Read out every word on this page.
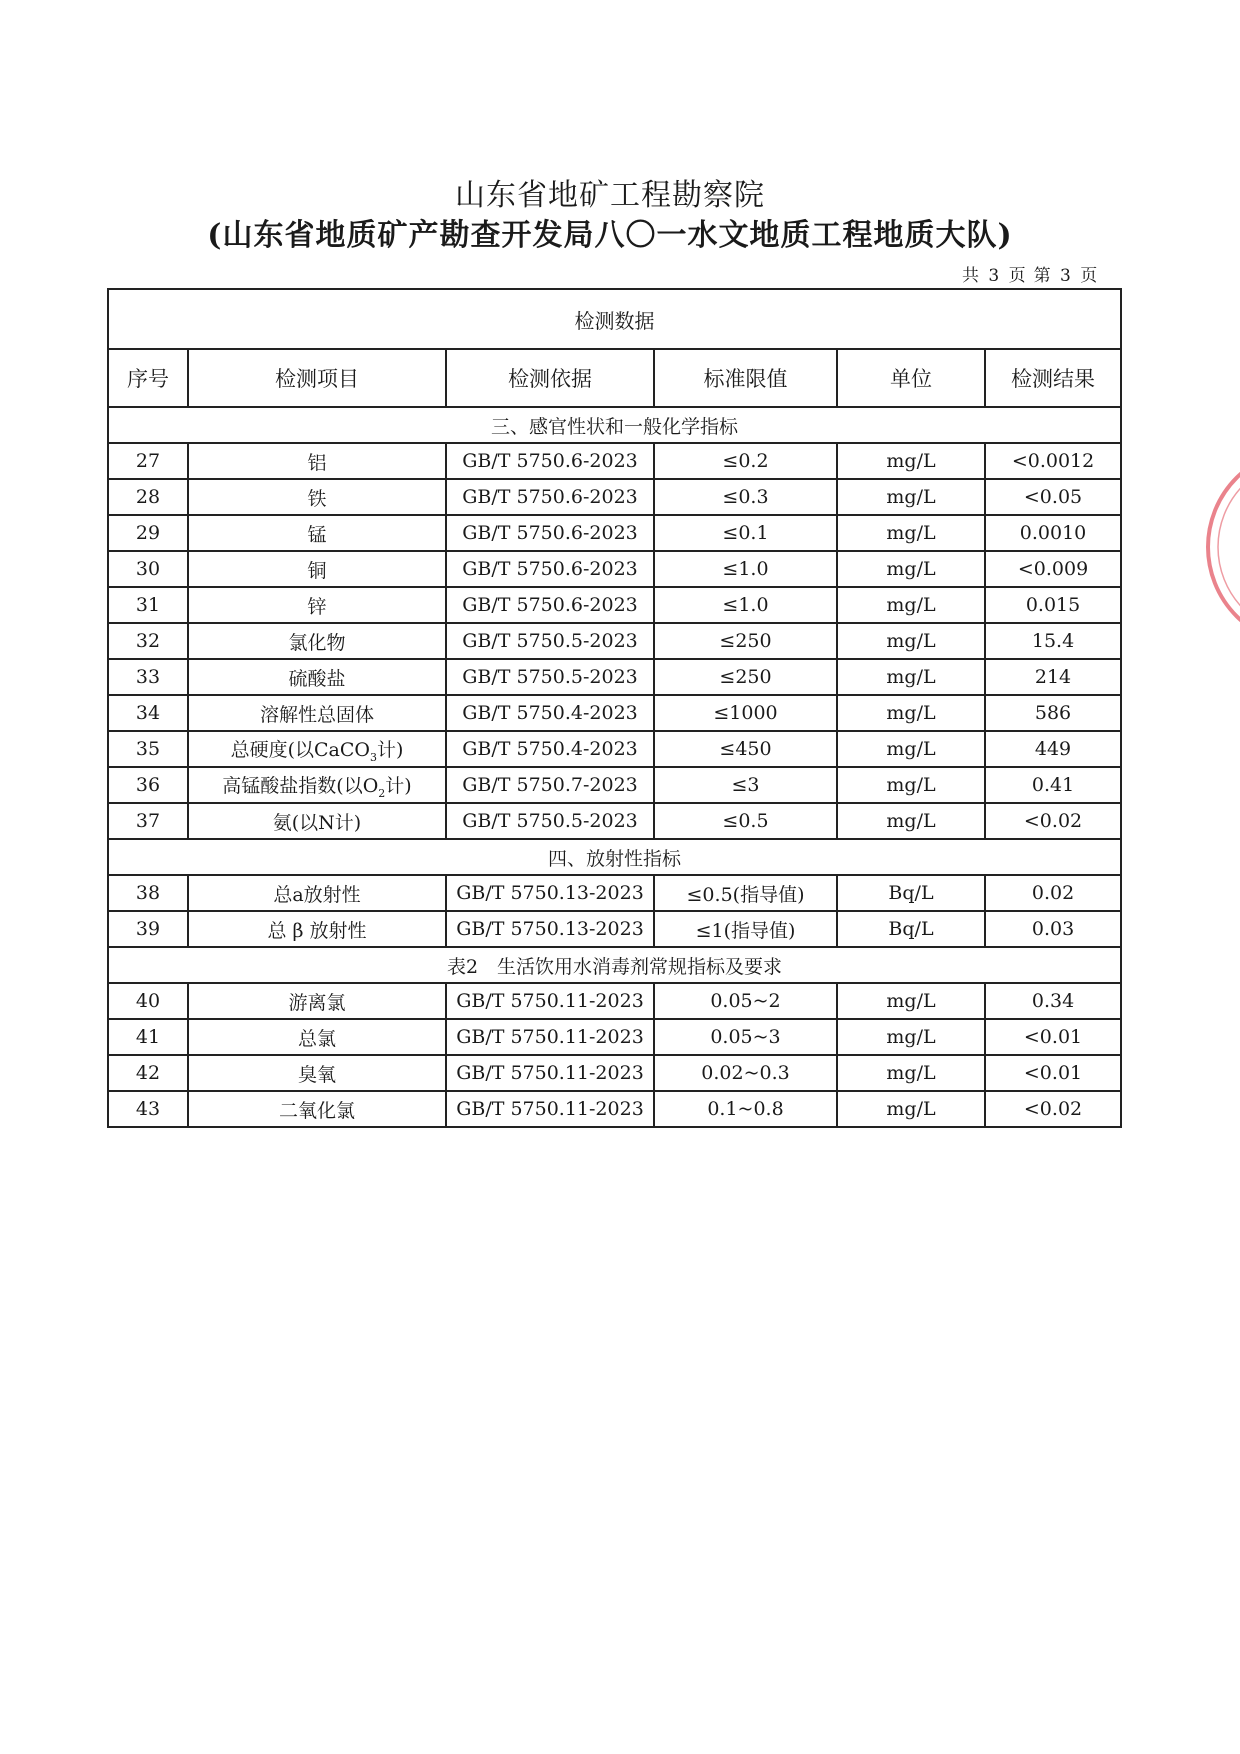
山东省地矿工程勘察院
(山东省地质矿产勘查开发局八〇一水文地质工程地质大队)
共 3 页 第 3 页
检测数据					
序号	检测项目	检测依据	标准限值	单位	检测结果
三、感官性状和一般化学指标					
27	铝	GB/T 5750.6-2023	≤0.2	mg/L	<0.0012
28	铁	GB/T 5750.6-2023	≤0.3	mg/L	<0.05
29	锰	GB/T 5750.6-2023	≤0.1	mg/L	0.0010
30	铜	GB/T 5750.6-2023	≤1.0	mg/L	<0.009
31	锌	GB/T 5750.6-2023	≤1.0	mg/L	0.015
32	氯化物	GB/T 5750.5-2023	≤250	mg/L	15.4
33	硫酸盐	GB/T 5750.5-2023	≤250	mg/L	214
34	溶解性总固体	GB/T 5750.4-2023	≤1000	mg/L	586
35	总硬度(以CaCO$_3$计)	GB/T 5750.4-2023	≤450	mg/L	449
36	高锰酸盐指数(以$O_2$计)	GB/T 5750.7-2023	≤3	mg/L	0.41
37	氨(以N计)	GB/T 5750.5-2023	≤0.5	mg/L	<0.02
四、放射性指标					
38	总a放射性	GB/T 5750.13-2023	≤0.5(指导值)	Bq/L	0.02
39	总 β 放射性	GB/T 5750.13-2023	≤1(指导值)	Bq/L	0.03
表2　生活饮用水消毒剂常规指标及要求					
40	游离氯	GB/T 5750.11-2023	0.05~2	mg/L	0.34
41	总氯	GB/T 5750.11-2023	0.05~3	mg/L	<0.01
42	臭氧	GB/T 5750.11-2023	0.02~0.3	mg/L	<0.01
43	二氧化氯	GB/T 5750.11-2023	0.1~0.8	mg/L	<0.02
